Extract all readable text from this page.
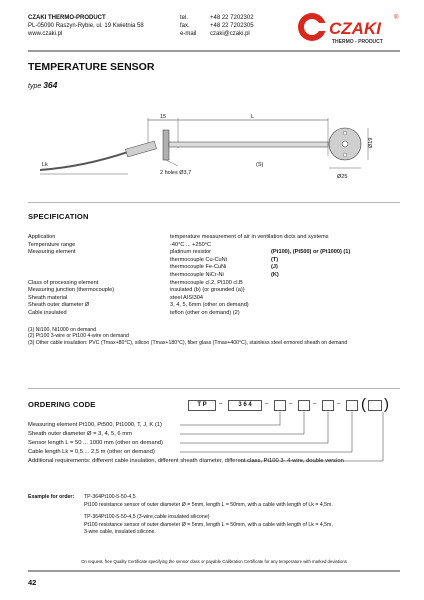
CZAKI THERMO-PRODUCT
PL-05090 Raszyn-Rybie, ul. 19 Kwietnia 58
www.czaki.pl
tel.	+48 22 7202302
fax.	+48 22 7202305
e-mail czaki@czaki.pl	CZAKI
®
THERMO - PRODUCT
TEMPERATURE SENSOR
type 364
15	L
Lk
2 holes Ø3,7
(S)
Ø19
Ø25
SPECIFICATION
Application	temperature measurement of air in ventilation dicts and systems
Temperature range	-40°C ... +250°C
Measuring element	platinum resistor	(Pt100), (Pt500) or (Pt1000) (1)
thermocouple Cu-CuNi	(T)
thermocouple Fe-CuNi	(J)
thermocouple NiCr-Ni	(K)
Class of processing element	thermocouple cl.2, Pt100 cl.B
Measuring junction (thermocouple)	insulated (b) (or grounded (a))
Sheath material	steel AISI304
Sheath outer diameter Ø	3, 4, 5, 6mm (other on demand)
Cable insulated	teflon (other on demand) (2)
(1) Ni100, Ni1000 on demand
(2) Pt100 3-wire or Pt100 4-wire on demand
(3) Other cable insulation: PVC (Tmax+80°C), silicon (Tmax+180°C), fiber glass (Tmax+400°C), stainless steel ermored sheath on demand
ORDERING CODE	T P	–	3 6 4	–	–	–	– ( )
Measuring element Pt100, Pt500, Pt1000, T, J, K (1)
Sheath outer diameter Ø = 3, 4, 5, 6 mm
Sensor length L = 50 ... 1000 mm (other on demand)
Cable length Lk = 0,5 ... 2,5 m (other on demand)
Additional requirements: different cable insulation, different sheath diameter, different class, Pt100 3- 4-wire, double version
Example for order: TP-364Pt100-5-50-4,5
Pt100 resistance sensor of outer diameter Ø = 5mm, length L = 50mm, with a cable with length of Lk = 4,5m.
TP-364Pt100-5-50-4,5 (3-wire,cable insulated silicone)
Pt100 resistance sensor of outer diameter Ø = 5mm, length L = 50mm, with a cable with length of Lk = 4,5m,
3-wire cable, insulated silicone.
On request, free Quality Certificate specifying the sensor class or payable Calibration Certificate for any temperature with marked deviations
42
